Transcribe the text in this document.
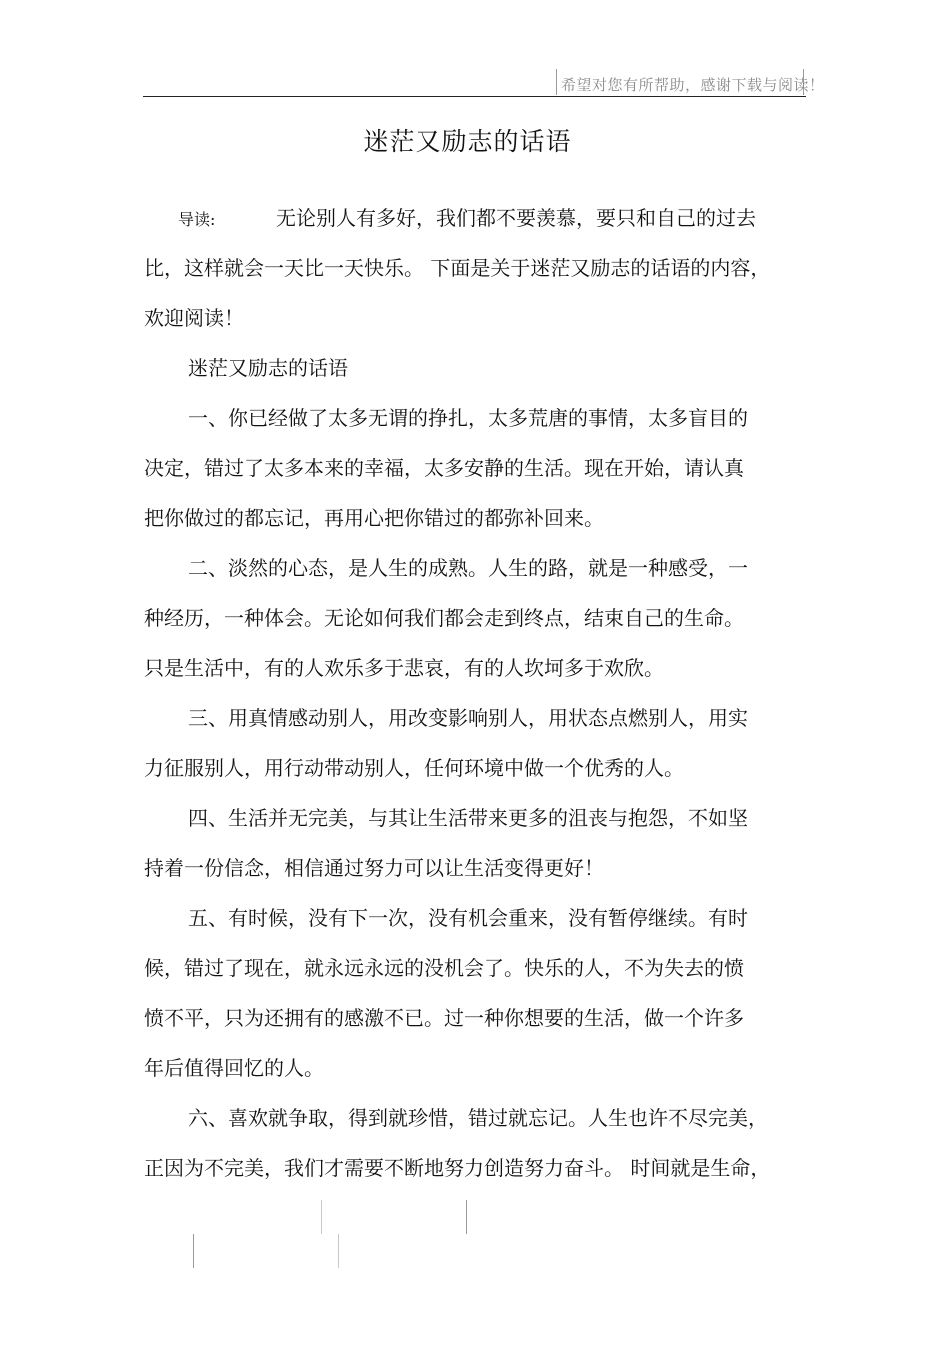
希望对您有所帮助，感谢下载与阅读！
迷茫又励志的话语
导读:	无论别人有多好，我们都不要羡慕，要只和自己的过去
比，这样就会一天比一天快乐。 下面是关于迷茫又励志的话语的内容，
欢迎阅读！
迷茫又励志的话语
一、你已经做了太多无谓的挣扎，太多荒唐的事情，太多盲目的
决定，错过了太多本来的幸福，太多安静的生活。现在开始，请认真
把你做过的都忘记，再用心把你错过的都弥补回来。
二、淡然的心态，是人生的成熟。人生的路，就是一种感受，一
种经历，一种体会。无论如何我们都会走到终点，结束自己的生命。
只是生活中，有的人欢乐多于悲哀，有的人坎坷多于欢欣。
三、用真情感动别人，用改变影响别人，用状态点燃别人，用实
力征服别人，用行动带动别人，任何环境中做一个优秀的人。
四、生活并无完美，与其让生活带来更多的沮丧与抱怨，不如坚
持着一份信念，相信通过努力可以让生活变得更好！
五、有时候，没有下一次，没有机会重来，没有暂停继续。有时
候，错过了现在，就永远永远的没机会了。快乐的人，不为失去的愤
愤不平，只为还拥有的感激不已。过一种你想要的生活，做一个许多
年后值得回忆的人。
六、喜欢就争取，得到就珍惜，错过就忘记。人生也许不尽完美，
正因为不完美，我们才需要不断地努力创造努力奋斗。 时间就是生命，
